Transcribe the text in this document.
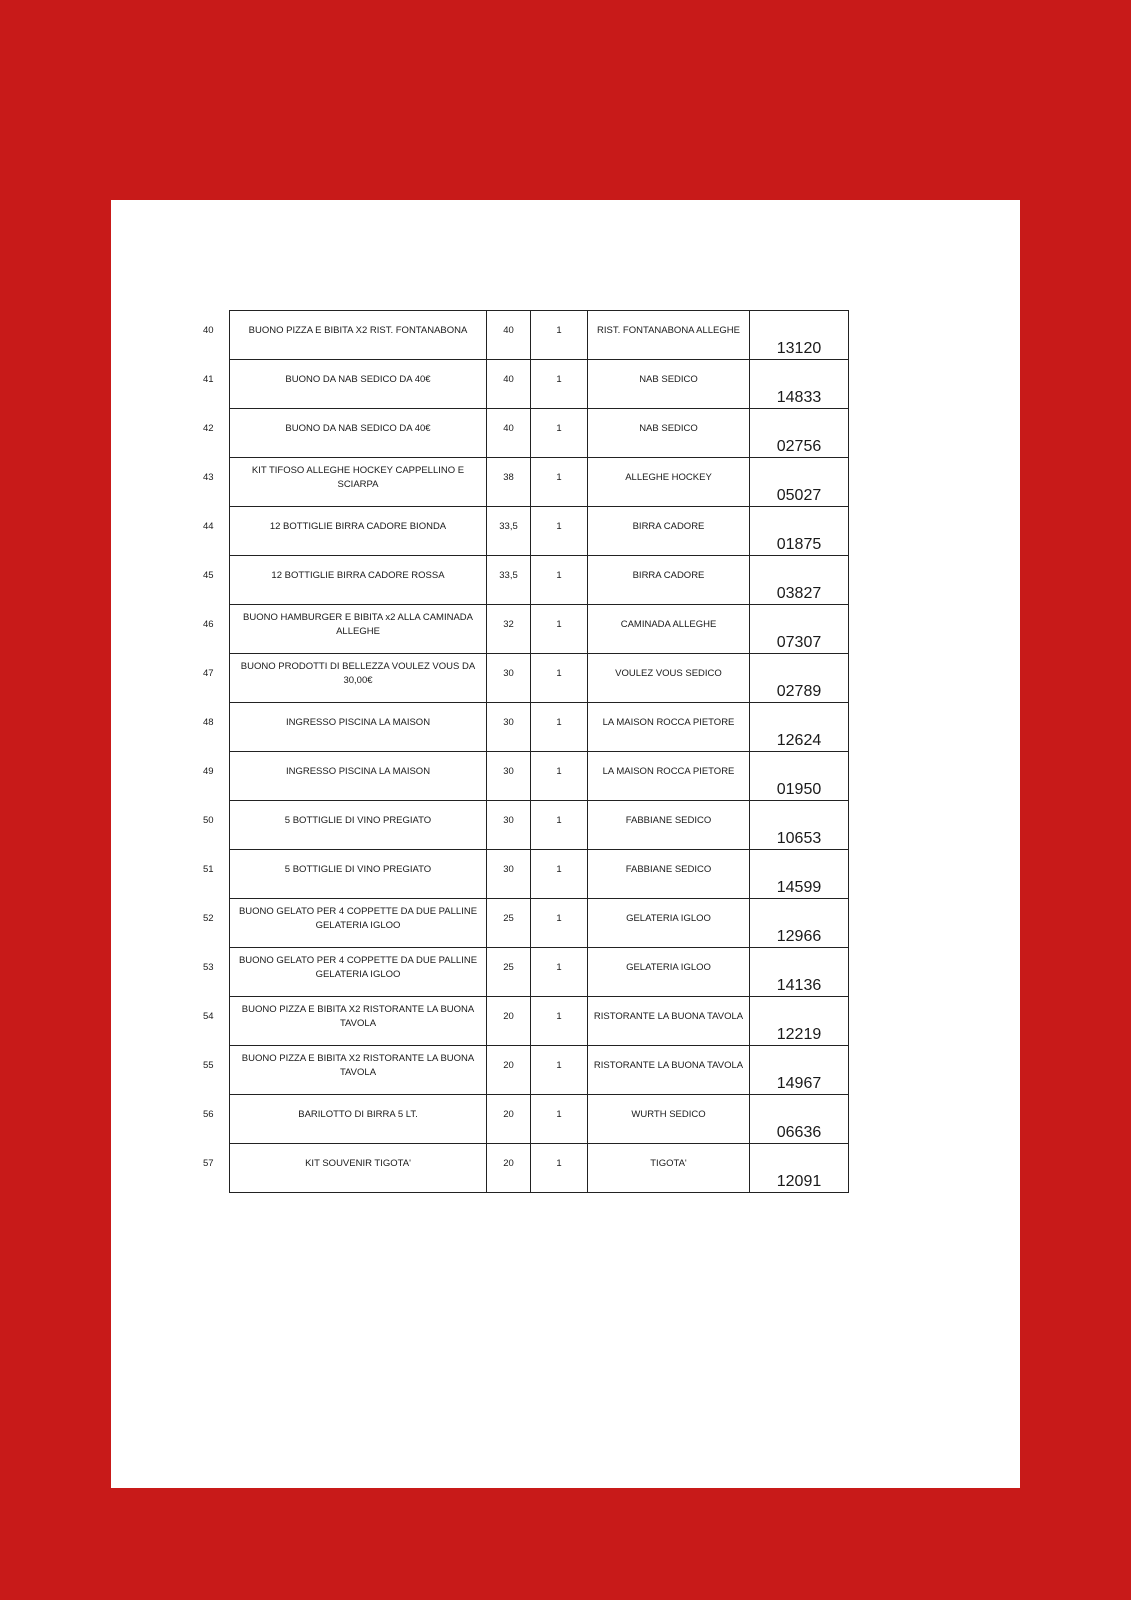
40	BUONO PIZZA E BIBITA X2 RIST. FONTANABONA	40	1	RIST. FONTANABONA ALLEGHE	13120
41	BUONO DA NAB SEDICO DA 40€	40	1	NAB SEDICO	14833
42	BUONO DA NAB SEDICO DA 40€	40	1	NAB SEDICO	02756
43	KIT TIFOSO ALLEGHE HOCKEY CAPPELLINO E SCIARPA	38	1	ALLEGHE HOCKEY	05027
44	12 BOTTIGLIE BIRRA CADORE BIONDA	33,5	1	BIRRA CADORE	01875
45	12 BOTTIGLIE BIRRA CADORE ROSSA	33,5	1	BIRRA CADORE	03827
46	BUONO HAMBURGER E BIBITA x2 ALLA CAMINADA ALLEGHE	32	1	CAMINADA ALLEGHE	07307
47	BUONO PRODOTTI DI BELLEZZA VOULEZ VOUS DA 30,00€	30	1	VOULEZ VOUS SEDICO	02789
48	INGRESSO PISCINA LA MAISON	30	1	LA MAISON ROCCA PIETORE	12624
49	INGRESSO PISCINA LA MAISON	30	1	LA MAISON ROCCA PIETORE	01950
50	5 BOTTIGLIE DI VINO PREGIATO	30	1	FABBIANE SEDICO	10653
51	5 BOTTIGLIE DI VINO PREGIATO	30	1	FABBIANE SEDICO	14599
52	BUONO GELATO PER 4 COPPETTE DA DUE PALLINE GELATERIA IGLOO	25	1	GELATERIA IGLOO	12966
53	BUONO GELATO PER 4 COPPETTE DA DUE PALLINE GELATERIA IGLOO	25	1	GELATERIA IGLOO	14136
54	BUONO PIZZA E BIBITA X2 RISTORANTE LA BUONA TAVOLA	20	1	RISTORANTE LA BUONA TAVOLA	12219
55	BUONO PIZZA E BIBITA X2 RISTORANTE LA BUONA TAVOLA	20	1	RISTORANTE LA BUONA TAVOLA	14967
56	BARILOTTO DI BIRRA 5 LT.	20	1	WURTH SEDICO	06636
57	KIT SOUVENIR TIGOTA'	20	1	TIGOTA'	12091
